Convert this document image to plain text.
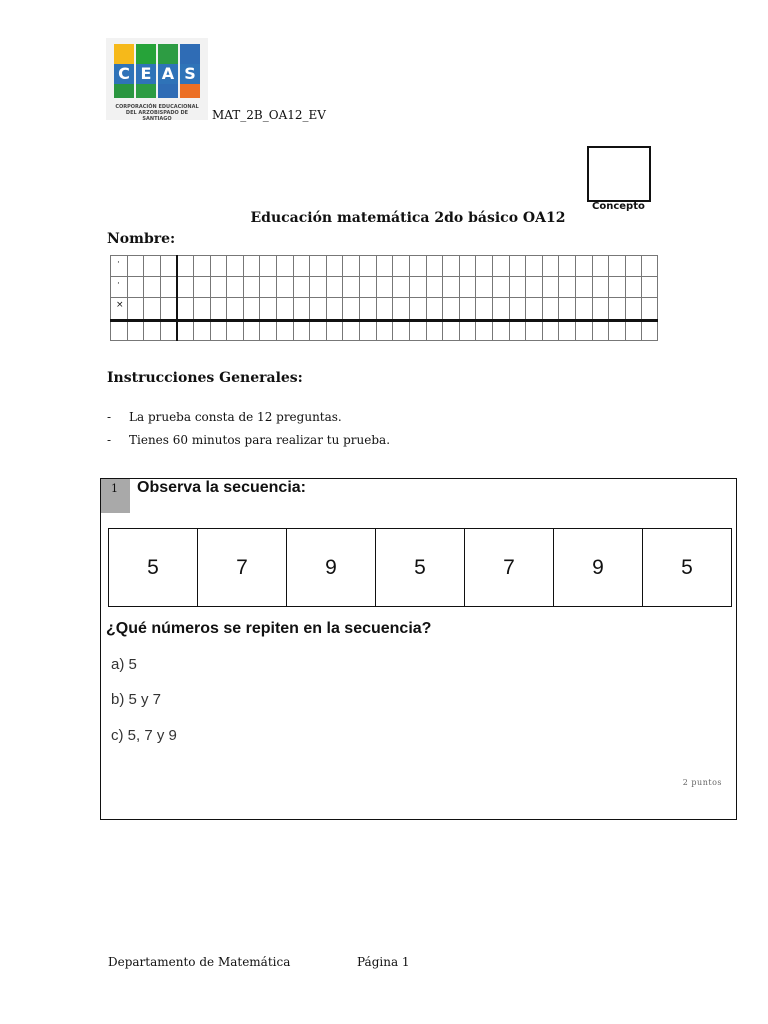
C E A S
CORPORACIÓN EDUCACIONAL DEL ARZOBISPADO DE SANTIAGO	MAT_2B_OA12_EV
Concepto
Educación matemática 2do básico OA12
Nombre:
·
·
×
Instrucciones Generales:
- La prueba consta de 12 preguntas.
- Tienes 60 minutos para realizar tu prueba.
1 Observa la secuencia:
5	7	9	5	7	9	5
¿Qué números se repiten en la secuencia?
a) 5
b) 5 y 7
c) 5, 7 y 9
2 puntos
Departamento de Matemática	Página 1
